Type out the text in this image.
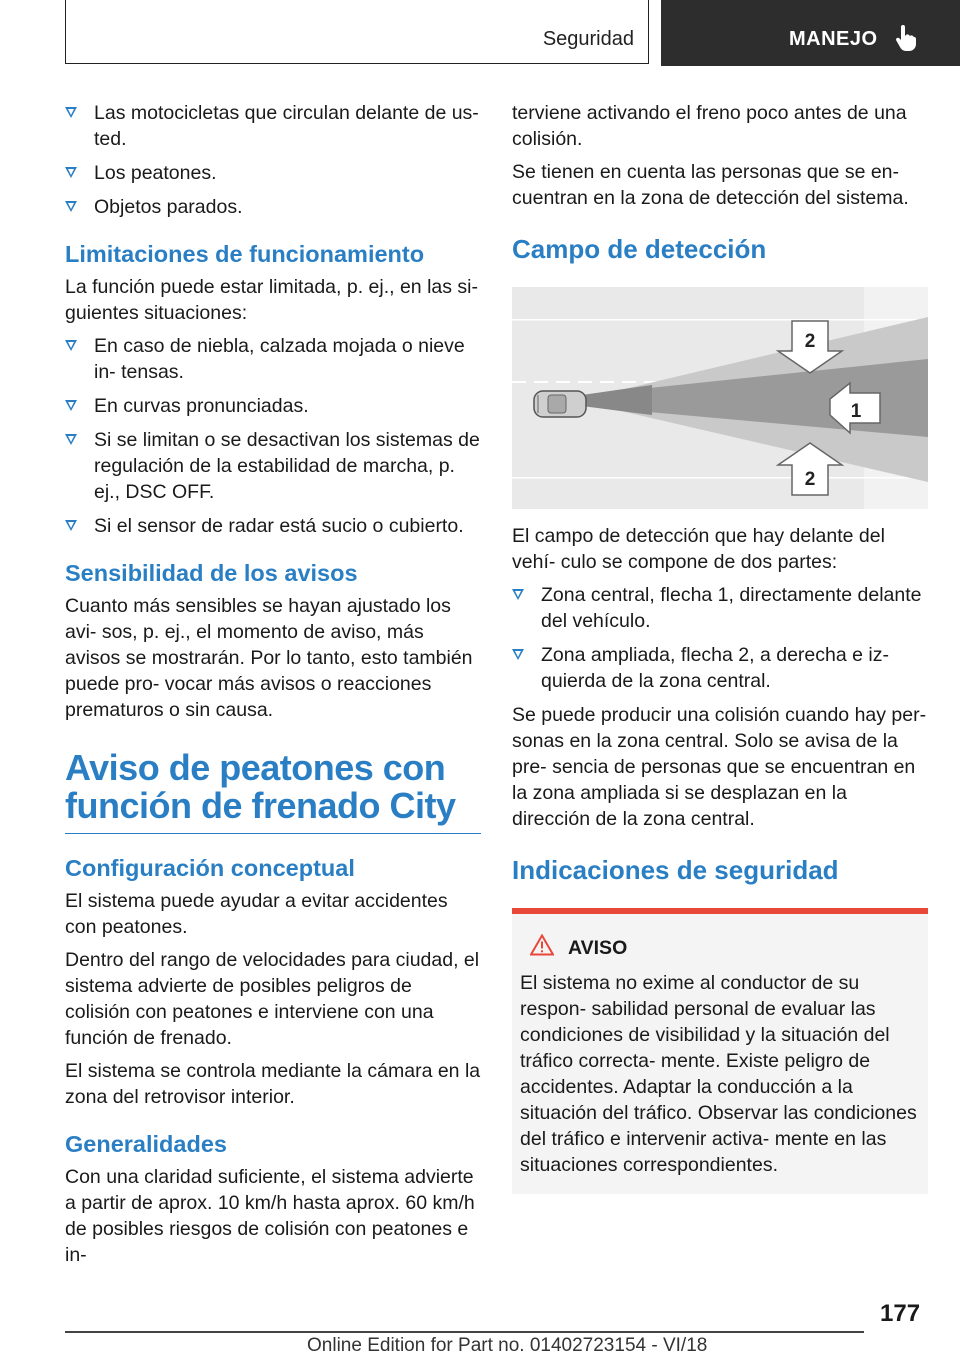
Seguridad	MANEJO
Las motocicletas que circulan delante de us‐ ted.
Los peatones.
Objetos parados.
Limitaciones de funcionamiento

La función puede estar limitada, p. ej., en las si‐ guientes situaciones:

En caso de niebla, calzada mojada o nieve in‐ tensas.
En curvas pronunciadas.
Si se limitan o se desactivan los sistemas de regulación de la estabilidad de marcha, p. ej., DSC OFF.
Si el sensor de radar está sucio o cubierto.
Sensibilidad de los avisos

Cuanto más sensibles se hayan ajustado los avi‐ sos, p. ej., el momento de aviso, más avisos se mostrarán. Por lo tanto, esto también puede pro‐ vocar más avisos o reacciones prematuros o sin causa.

Aviso de peatones con función de frenado City
Configuración conceptual

El sistema puede ayudar a evitar accidentes con peatones.

Dentro del rango de velocidades para ciudad, el sistema advierte de posibles peligros de colisión con peatones e interviene con una función de frenado.

El sistema se controla mediante la cámara en la zona del retrovisor interior.

Generalidades

Con una claridad suficiente, el sistema advierte a partir de aprox. 10 km/h hasta aprox. 60 km/h de posibles riesgos de colisión con peatones e in‐

terviene activando el freno poco antes de una colisión.

Se tienen en cuenta las personas que se en‐ cuentran en la zona de detección del sistema.

Campo de detección
2
1
2

El campo de detección que hay delante del vehí‐ culo se compone de dos partes:

Zona central, flecha 1, directamente delante del vehículo.
Zona ampliada, flecha 2, a derecha e iz‐ quierda de la zona central.

Se puede producir una colisión cuando hay per‐ sonas en la zona central. Solo se avisa de la pre‐ sencia de personas que se encuentran en la zona ampliada si se desplazan en la dirección de la zona central.

Indicaciones de seguridad
AVISO

El sistema no exime al conductor de su respon‐ sabilidad personal de evaluar las condiciones de visibilidad y la situación del tráfico correcta‐ mente. Existe peligro de accidentes. Adaptar la conducción a la situación del tráfico. Observar las condiciones del tráfico e intervenir activa‐ mente en las situaciones correspondientes.

177
Online Edition for Part no. 01402723154 - VI/18
